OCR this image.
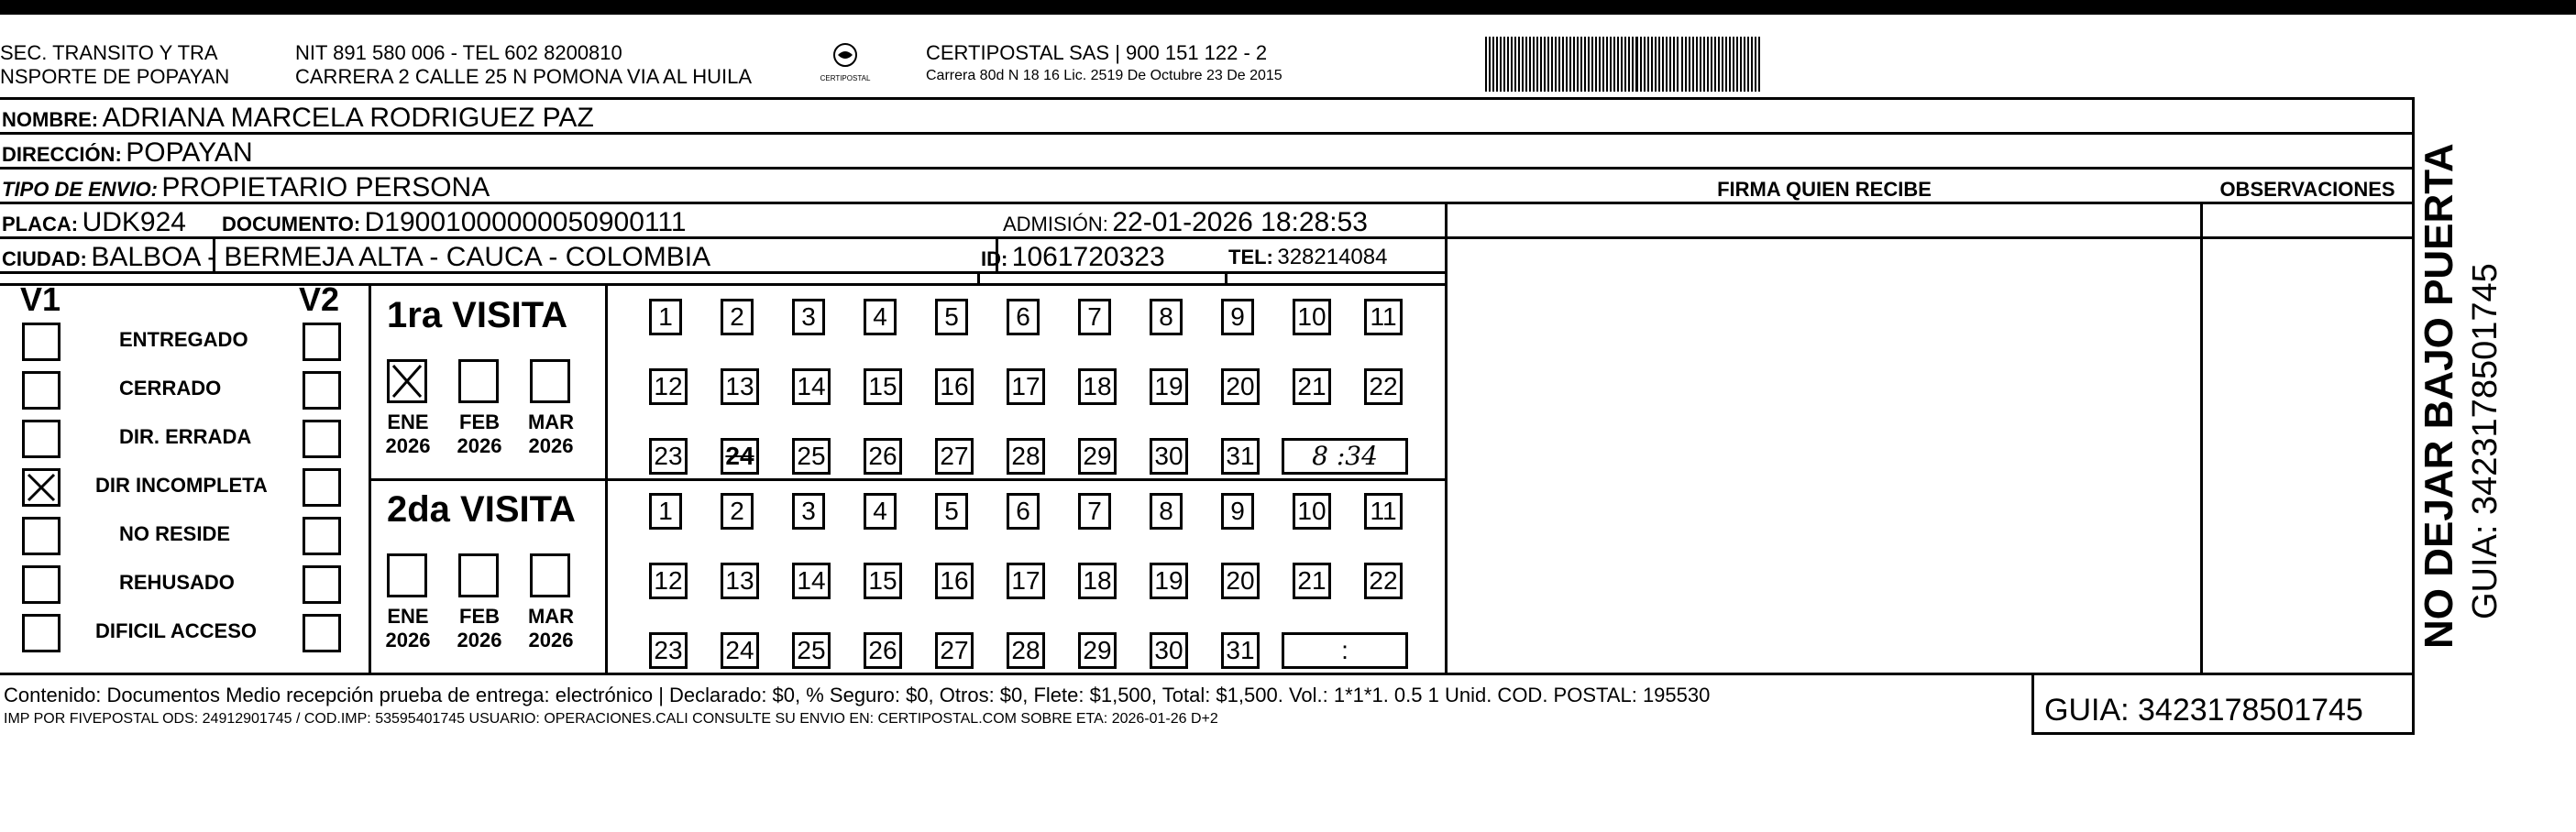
SEC. TRANSITO Y TRA
NSPORTE DE POPAYAN
NIT 891 580 006 - TEL 602 8200810
CARRERA 2 CALLE 25 N POMONA VIA AL HUILA	CERTIPOSTAL
CERTIPOSTAL SAS | 900 151 122 - 2
Carrera 80d N 18 16 Lic. 2519 De Octubre 23 De 2015
NOMBRE: ADRIANA MARCELA RODRIGUEZ PAZ
DIRECCIÓN: POPAYAN
TIPO DE ENVIO: PROPIETARIO PERSONA	FIRMA QUIEN RECIBE	OBSERVACIONES
PLACA: UDK924 DOCUMENTO: D19001000000050900111	ADMISIÓN: 22-01-2026 18:28:53
CIUDAD: BALBOA - BERMEJA ALTA - CAUCA - COLOMBIA	ID: 1061720323	TEL: 328214084
V1	V2
ENTREGADO
CERRADO
DIR. ERRADA
DIR INCOMPLETA
NO RESIDE
REHUSADO
DIFICIL ACCESO
1ra VISITA
2da VISITA
ENE
2026
FEB
2026
MAR
2026
1	2	3	4	5	6	7	8	9	10 11
12 13 14 15 16 17 18 19 20 21 22
23 24 25 26 27 28 29 30 31	8 :34
ENE
2026
FEB
2026
MAR
2026
1	2	3	4	5	6	7	8	9	10 11
12 13 14 15 16 17 18 19 20 21 22
23 24 25 26 27 28 29 30 31	:
Contenido: Documentos Medio recepción prueba de entrega: electrónico | Declarado: $0, % Seguro: $0, Otros: $0, Flete: $1,500, Total: $1,500. Vol.: 1*1*1. 0.5 1 Unid. COD. POSTAL: 195530
IMP POR FIVEPOSTAL ODS: 24912901745 / COD.IMP: 53595401745 USUARIO: OPERACIONES.CALI CONSULTE SU ENVIO EN: CERTIPOSTAL.COM SOBRE ETA: 2026-01-26 D+2	GUIA: 3423178501745
NO DEJAR BAJO PUERTA GUIA: 3423178501745
